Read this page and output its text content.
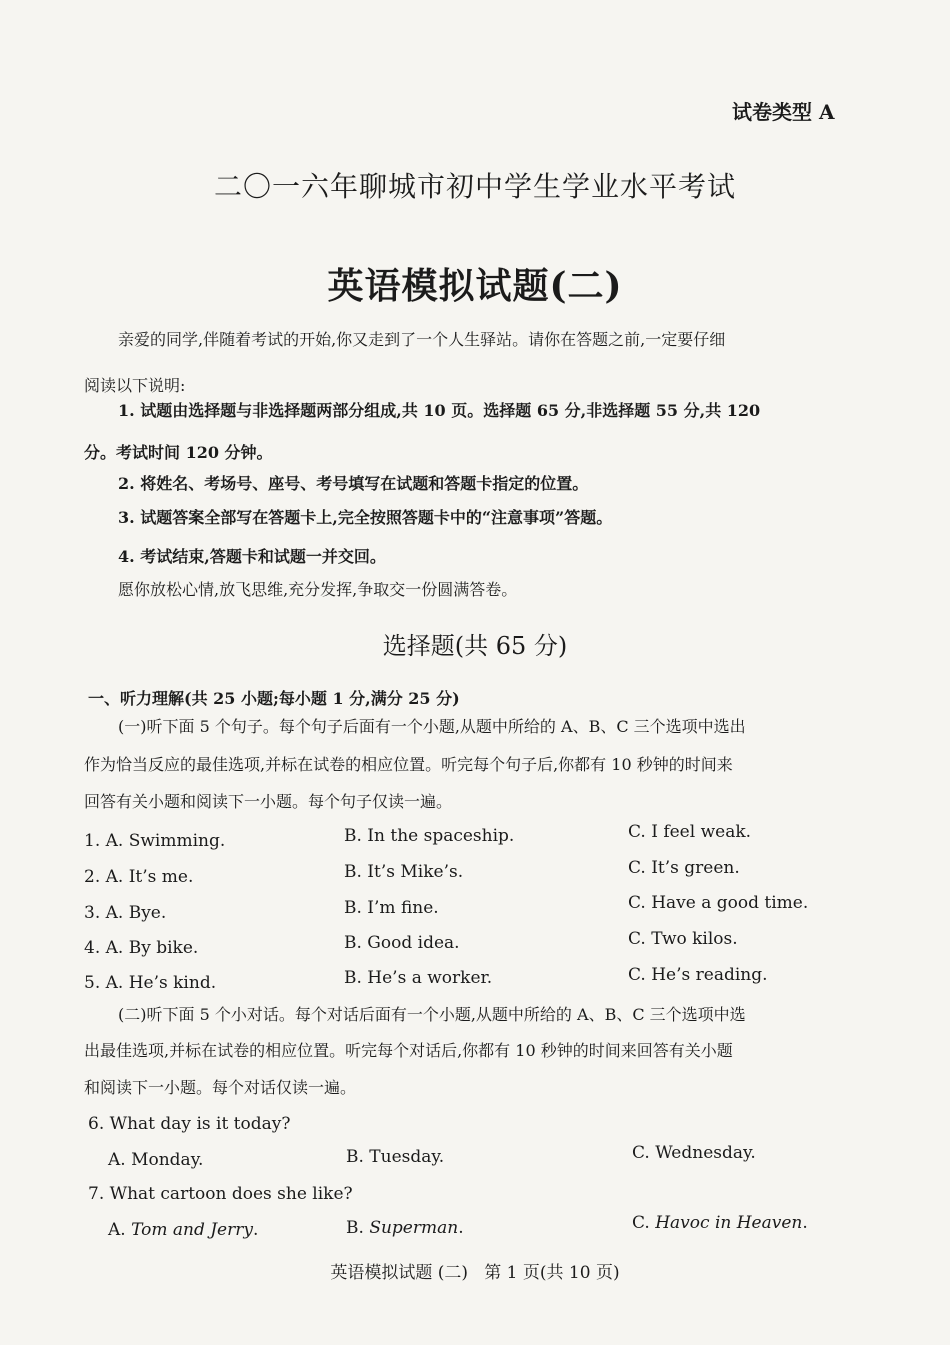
试卷类型 A
二〇一六年聊城市初中学生学业水平考试
英语模拟试题(二)
亲爱的同学,伴随着考试的开始,你又走到了一个人生驿站。请你在答题之前,一定要仔细
阅读以下说明:
1. 试题由选择题与非选择题两部分组成,共 10 页。选择题 65 分,非选择题 55 分,共 120
分。考试时间 120 分钟。
2. 将姓名、考场号、座号、考号填写在试题和答题卡指定的位置。
3. 试题答案全部写在答题卡上,完全按照答题卡中的“注意事项”答题。
4. 考试结束,答题卡和试题一并交回。
愿你放松心情,放飞思维,充分发挥,争取交一份圆满答卷。
选择题(共 65 分)
一、听力理解(共 25 小题;每小题 1 分,满分 25 分)
(一)听下面 5 个句子。每个句子后面有一个小题,从题中所给的 A、B、C 三个选项中选出
作为恰当反应的最佳选项,并标在试卷的相应位置。听完每个句子后,你都有 10 秒钟的时间来
回答有关小题和阅读下一小题。每个句子仅读一遍。
1. A. Swimming.	B. In the spaceship.	C. I feel weak.
2. A. It’s me.	B. It’s Mike’s.	C. It’s green.
3. A. Bye.	B. I’m fine.	C. Have a good time.
4. A. By bike.	B. Good idea.	C. Two kilos.
5. A. He’s kind.	B. He’s a worker.	C. He’s reading.
(二)听下面 5 个小对话。每个对话后面有一个小题,从题中所给的 A、B、C 三个选项中选
出最佳选项,并标在试卷的相应位置。听完每个对话后,你都有 10 秒钟的时间来回答有关小题
和阅读下一小题。每个对话仅读一遍。
6. What day is it today?
A. Monday.	B. Tuesday.	C. Wednesday.
7. What cartoon does she like?
A. Tom and Jerry.	B. Superman.	C. Havoc in Heaven.
英语模拟试题 (二)   第 1 页(共 10 页)
